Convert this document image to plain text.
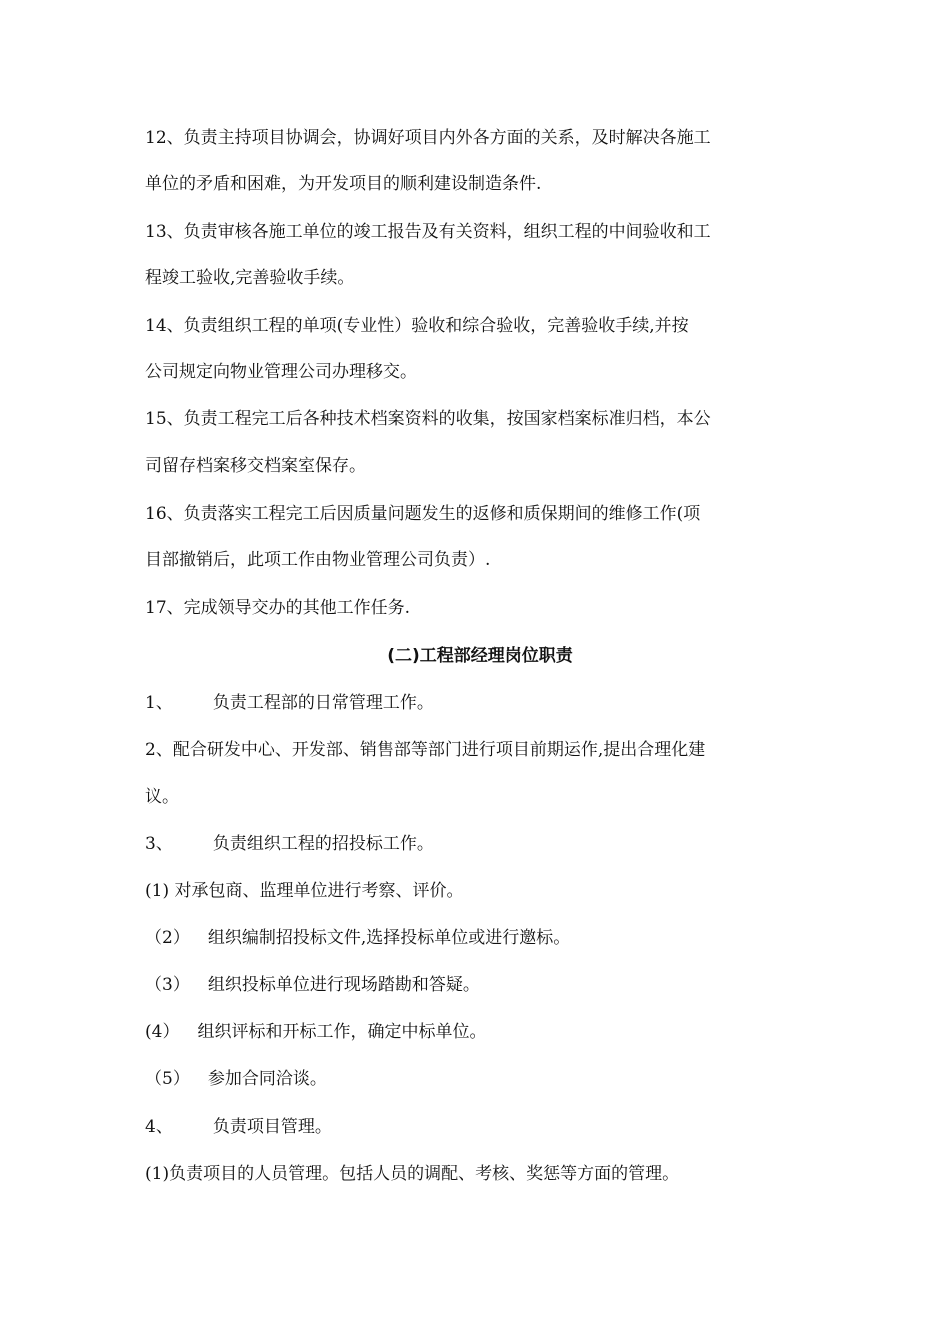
12、负责主持项目协调会，协调好项目内外各方面的关系，及时解决各施工
单位的矛盾和困难，为开发项目的顺利建设制造条件.
13、负责审核各施工单位的竣工报告及有关资料，组织工程的中间验收和工
程竣工验收,完善验收手续。
14、负责组织工程的单项(专业性）验收和综合验收，完善验收手续,并按
公司规定向物业管理公司办理移交。
15、负责工程完工后各种技术档案资料的收集，按国家档案标准归档，本公
司留存档案移交档案室保存。
16、负责落实工程完工后因质量问题发生的返修和质保期间的维修工作(项
目部撤销后，此项工作由物业管理公司负责）.
17、完成领导交办的其他工作任务.
(二)工程部经理岗位职责
1、 负责工程部的日常管理工作。
2、配合研发中心、开发部、销售部等部门进行项目前期运作,提出合理化建
议。
3、 负责组织工程的招投标工作。
(1) 对承包商、监理单位进行考察、评价。
（2） 组织编制招投标文件,选择投标单位或进行邀标。
（3） 组织投标单位进行现场踏勘和答疑。
(4） 组织评标和开标工作，确定中标单位。
（5） 参加合同洽谈。
4、 负责项目管理。
(1)负责项目的人员管理。包括人员的调配、考核、奖惩等方面的管理。
